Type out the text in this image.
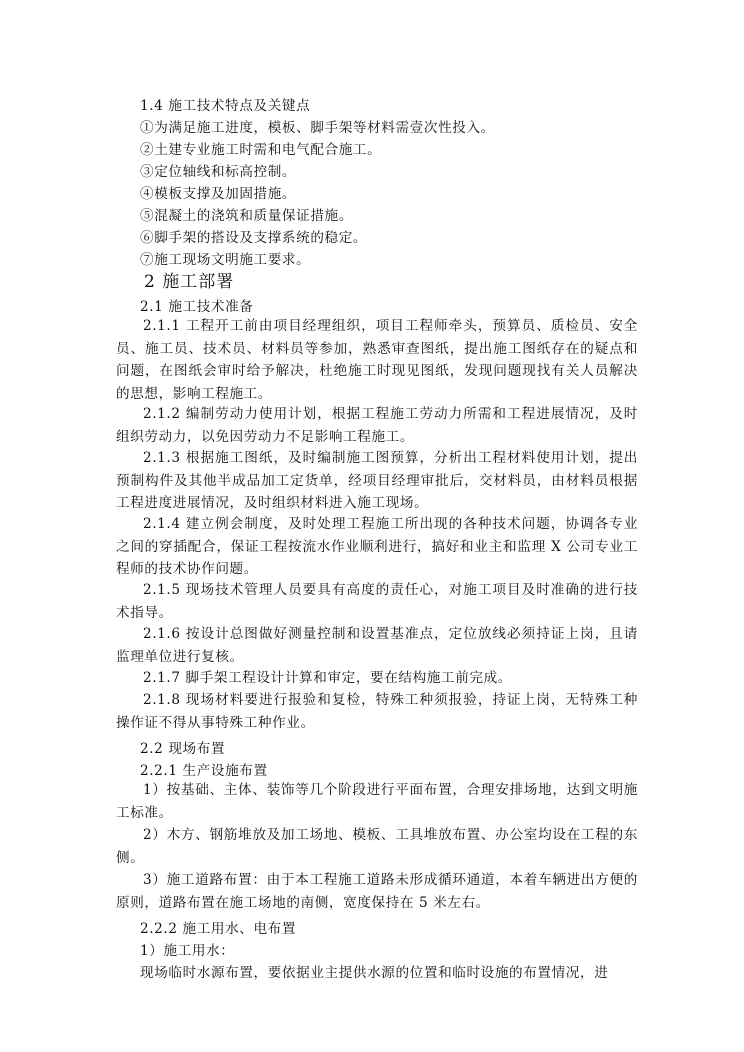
1.4 施工技术特点及关键点
①为满足施工进度，模板、脚手架等材料需壹次性投入。
②土建专业施工时需和电气配合施工。
③定位轴线和标高控制。
④模板支撑及加固措施。
⑤混凝土的浇筑和质量保证措施。
⑥脚手架的搭设及支撑系统的稳定。
⑦施工现场文明施工要求。
2 施工部署
2.1 施工技术准备
2.1.1 工程开工前由项目经理组织，项目工程师牵头，预算员、质检员、安全员、施工员、技术员、材料员等参加，熟悉审查图纸，提出施工图纸存在的疑点和问题，在图纸会审时给予解决，杜绝施工时现见图纸，发现问题现找有关人员解决的思想，影响工程施工。
2.1.2 编制劳动力使用计划，根据工程施工劳动力所需和工程进展情况，及时组织劳动力，以免因劳动力不足影响工程施工。
2.1.3 根据施工图纸，及时编制施工图预算，分析出工程材料使用计划，提出预制构件及其他半成品加工定货单，经项目经理审批后，交材料员，由材料员根据工程进度进展情况，及时组织材料进入施工现场。
2.1.4 建立例会制度，及时处理工程施工所出现的各种技术问题，协调各专业之间的穿插配合，保证工程按流水作业顺利进行，搞好和业主和监理 X 公司专业工程师的技术协作问题。
2.1.5 现场技术管理人员要具有高度的责任心，对施工项目及时准确的进行技术指导。
2.1.6 按设计总图做好测量控制和设置基准点，定位放线必须持证上岗，且请监理单位进行复核。
2.1.7 脚手架工程设计计算和审定，要在结构施工前完成。
2.1.8 现场材料要进行报验和复检，特殊工种须报验，持证上岗，无特殊工种操作证不得从事特殊工种作业。
2.2 现场布置
2.2.1 生产设施布置
1）按基础、主体、装饰等几个阶段进行平面布置，合理安排场地，达到文明施工标准。
2）木方、钢筋堆放及加工场地、模板、工具堆放布置、办公室均设在工程的东侧。
3）施工道路布置：由于本工程施工道路未形成循环通道，本着车辆进出方便的原则，道路布置在施工场地的南侧，宽度保持在 5 米左右。
2.2.2 施工用水、电布置
1）施工用水：
现场临时水源布置，要依据业主提供水源的位置和临时设施的布置情况，进
